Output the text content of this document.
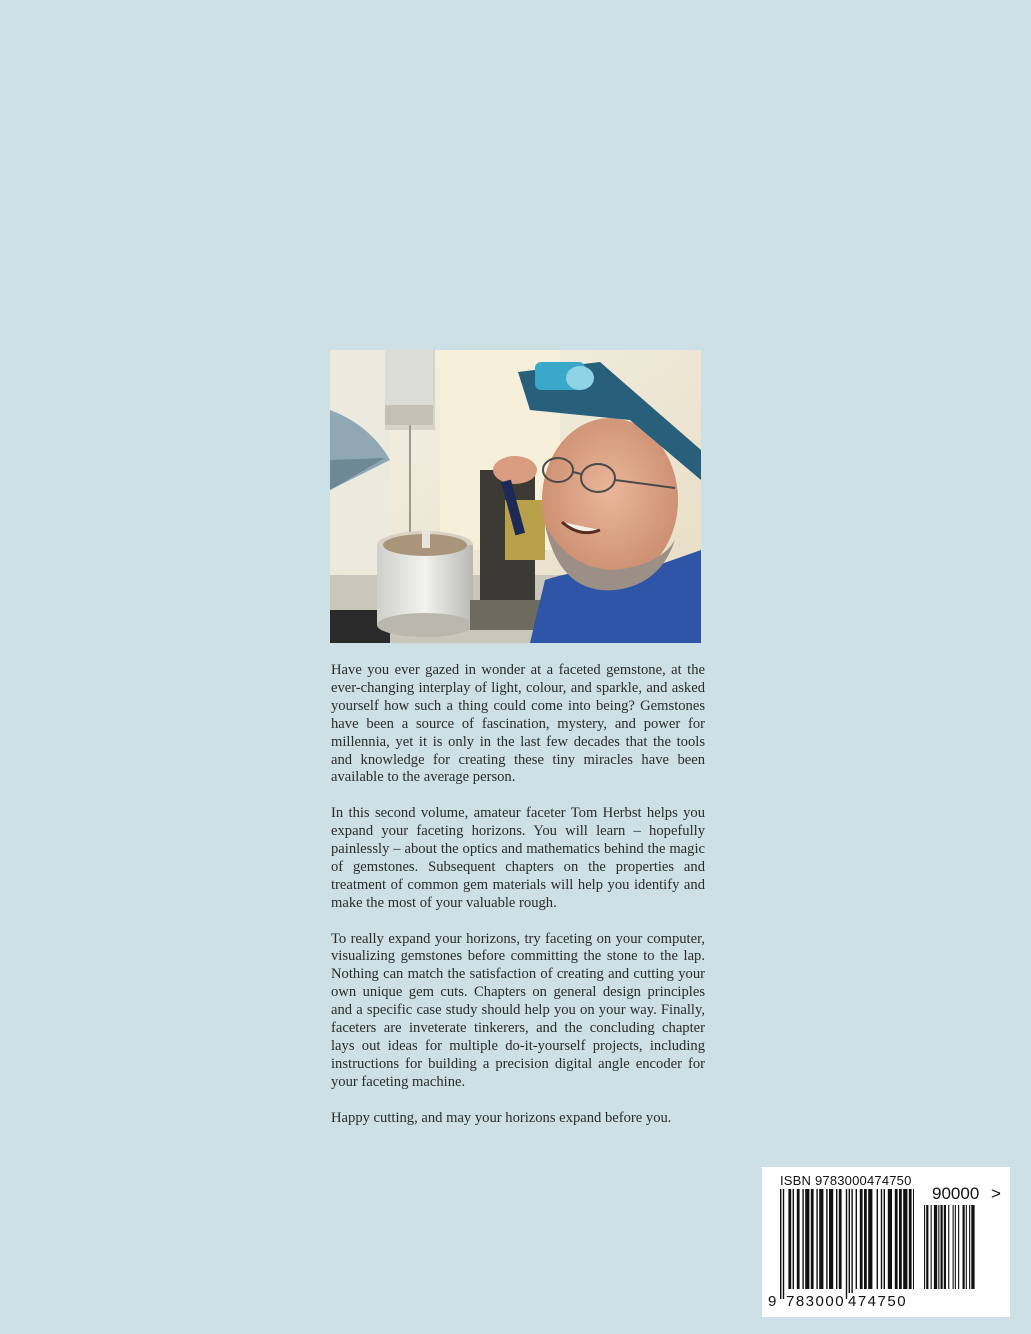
Have you ever gazed in wonder at a faceted gemstone, at the ever-changing interplay of light, colour, and sparkle, and asked yourself how such a thing could come into being? Gemstones have been a source of fascination, mystery, and power for millennia, yet it is only in the last few decades that the tools and knowledge for creating these tiny miracles have been available to the average person.

In this second volume, amateur faceter Tom Herbst helps you expand your faceting horizons. You will learn – hopefully painlessly – about the optics and mathematics behind the magic of gemstones. Subsequent chapters on the properties and treatment of common gem materials will help you identify and make the most of your valuable rough.

To really expand your horizons, try faceting on your computer, visualizing gemstones before committing the stone to the lap. Nothing can match the satisfaction of creating and cutting your own unique gem cuts. Chapters on general design principles and a specific case study should help you on your way. Finally, faceters are inveterate tinkerers, and the concluding chapter lays out ideas for multiple do-it-yourself projects, including instructions for building a precision digital angle encoder for your faceting machine.

Happy cutting, and may your horizons expand before you.

ISBN 9783000474750
90000 >
9 783000 474750
